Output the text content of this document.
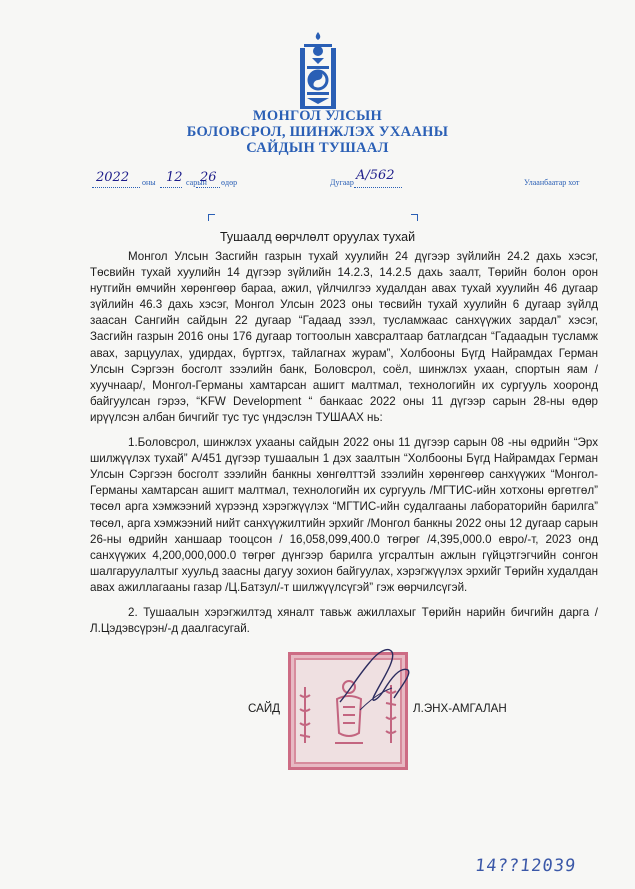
МОНГОЛ УЛСЫН
БОЛОВСРОЛ, ШИНЖЛЭХ УХААНЫ
САЙДЫН ТУШААЛ
2022 оны 12 сарын
26 өдөр	Дугаар A/562	Улаанбаатар хот
Тушаалд өөрчлөлт оруулах тухай

Монгол Улсын Засгийн газрын тухай хуулийн 24 дүгээр зүйлийн 24.2 дахь хэсэг, Төсвийн тухай хуулийн 14 дүгээр зүйлийн 14.2.3, 14.2.5 дахь заалт, Төрийн болон орон нутгийн өмчийн хөрөнгөөр бараа, ажил, үйлчилгээ худалдан авах тухай хуулийн 46 дугаар зүйлийн 46.3 дахь хэсэг, Монгол Улсын 2023 оны төсвийн тухай хуулийн 6 дугаар зүйлд заасан Сангийн сайдын 22 дугаар “Гадаад зээл, тусламжаас санхүүжих зардал” хэсэг, Засгийн газрын 2016 оны 176 дугаар тогтоолын хавсралтаар батлагдсан “Гадаадын тусламж авах, зарцуулах, удирдах, бүртгэх, тайлагнах журам”, Холбооны Бүгд Найрамдах Герман Улсын Сэргээн босголт зээлийн банк, Боловсрол, соёл, шинжлэх ухаан, спортын яам /хуучнаар/, Монгол-Германы хамтарсан ашигт малтмал, технологийн их сургууль хооронд байгуулсан гэрээ, “KFW Development “ банкаас 2022 оны 11 дүгээр сарын 28-ны өдөр ирүүлсэн албан бичгийг тус тус үндэслэн ТУШААХ нь:

1.Боловсрол, шинжлэх ухааны сайдын 2022 оны 11 дүгээр сарын 08 -ны өдрийн “Эрх шилжүүлэх тухай” А/451 дүгээр тушаалын 1 дэх заалтын “Холбооны Бүгд Найрамдах Герман Улсын Сэргээн босголт зээлийн банкны хөнгөлттэй зээлийн хөрөнгөөр санхүүжих “Монгол-Германы хамтарсан ашигт малтмал, технологийн их сургууль /МГТИС-ийн хотхоны өргөтгөл” төсөл арга хэмжээний хүрээнд хэрэгжүүлэх “МГТИС-ийн судалгааны лабораторийн барилга” төсөл, арга хэмжээний нийт санхүүжилтийн эрхийг /Монгол банкны 2022 оны 12 дугаар сарын 26-ны өдрийн ханшаар тооцсон / 16,058,099,400.0 төгрөг /4,395,000.0 евро/-т, 2023 онд санхүүжих 4,200,000,000.0 төгрөг дүнгээр барилга угсралтын ажлын гүйцэтгэгчийн сонгон шалгаруулалтыг хуульд заасны дагуу зохион байгуулах, хэрэгжүүлэх эрхийг Төрийн худалдан авах ажиллагааны газар /Ц.Батзул/-т шилжүүлсүгэй” гэж өөрчилсүгэй.

2. Тушаалын хэрэгжилтэд хяналт тавьж ажиллахыг Төрийн нарийн бичгийн дарга /Л.Цэдэвсүрэн/-д даалгасугай.

САЙД	Л.ЭНХ-АМГАЛАН
14??12039
